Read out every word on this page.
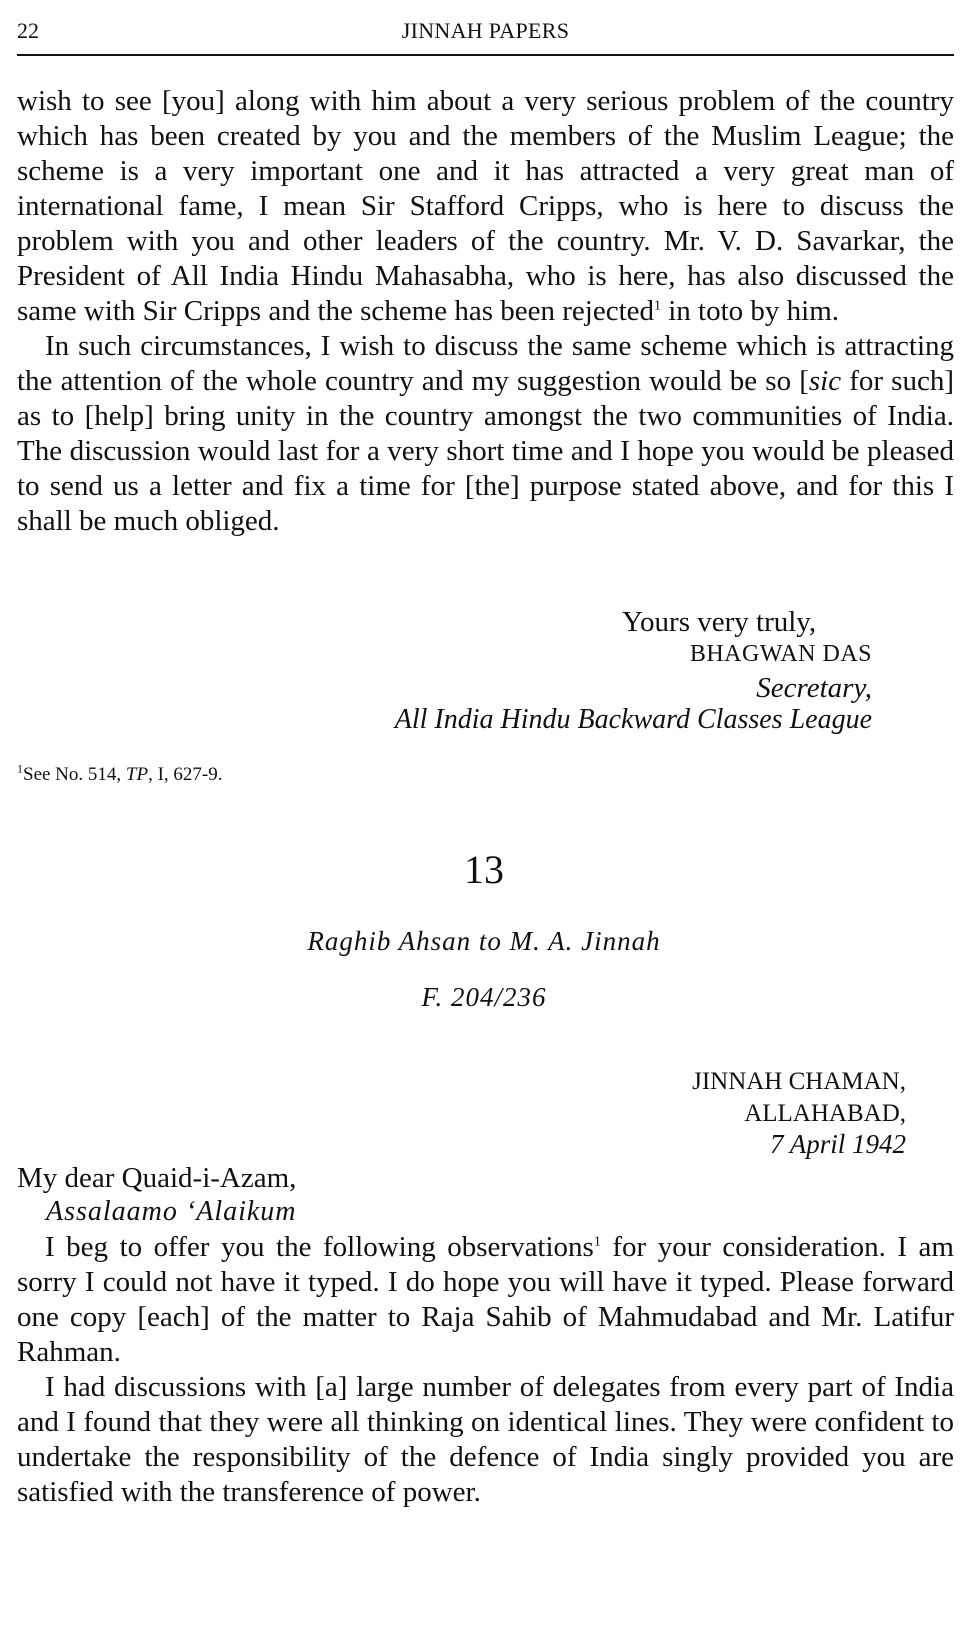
22	JINNAH PAPERS

wish to see [you] along with him about a very serious problem of the country which has been created by you and the members of the Muslim League; the scheme is a very important one and it has attracted a very great man of international fame, I mean Sir Stafford Cripps, who is here to discuss the problem with you and other leaders of the country. Mr. V. D. Savarkar, the President of All India Hindu Mahasabha, who is here, has also discussed the same with Sir Cripps and the scheme has been rejected$^1$ in toto by him.

In such circumstances, I wish to discuss the same scheme which is attracting the attention of the whole country and my suggestion would be so [sic for such] as to [help] bring unity in the country amongst the two communities of India. The discussion would last for a very short time and I hope you would be pleased to send us a letter and fix a time for [the] purpose stated above, and for this I shall be much obliged.

Yours very truly,
BHAGWAN DAS
Secretary,
All India Hindu Backward Classes League
$^1$See No. 514, TP, I, 627-9.
13
Raghib Ahsan to M. A. Jinnah
F. 204/236
JINNAH CHAMAN,
ALLAHABAD,
7 April 1942
My dear Quaid-i-Azam,
Assalaamo ‘Alaikum

I beg to offer you the following observations$^1$ for your consideration. I am sorry I could not have it typed. I do hope you will have it typed. Please forward one copy [each] of the matter to Raja Sahib of Mahmudabad and Mr. Latifur Rahman.

I had discussions with [a] large number of delegates from every part of India and I found that they were all thinking on identical lines. They were confident to undertake the responsibility of the defence of India singly provided you are satisfied with the transference of power.
